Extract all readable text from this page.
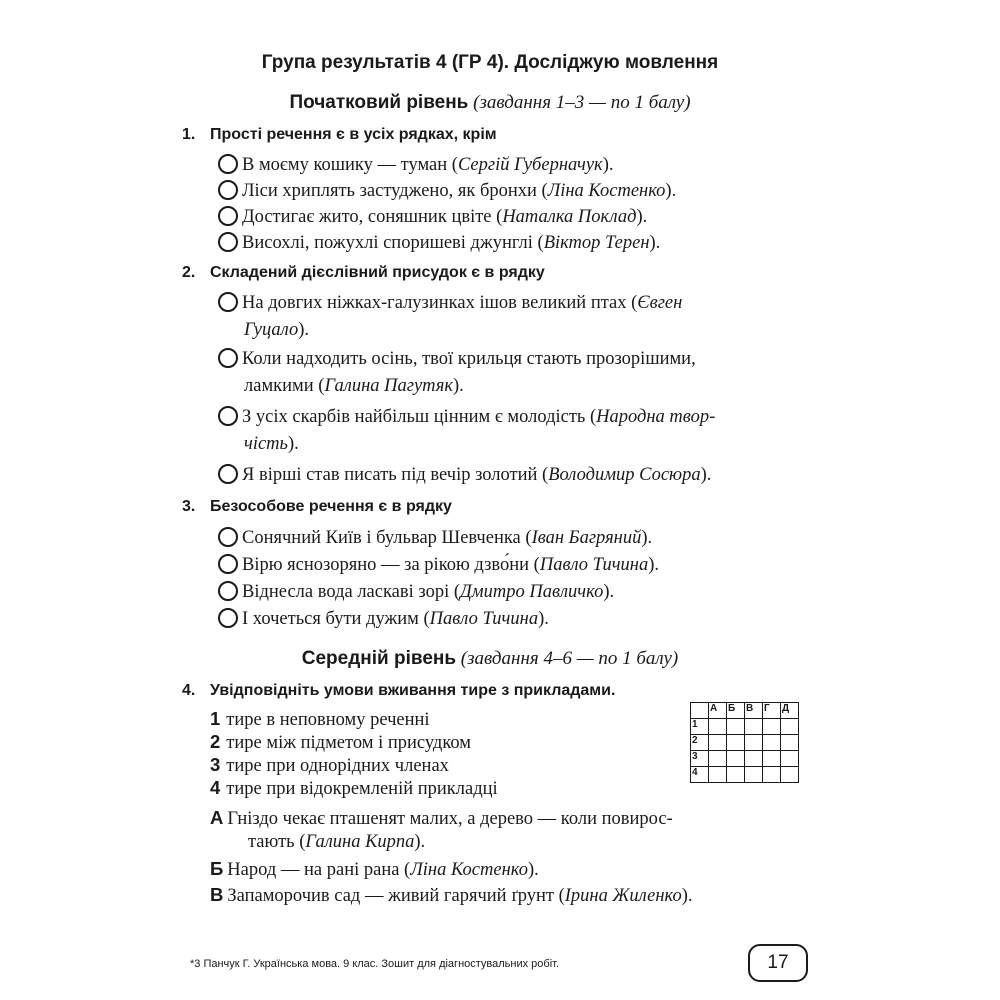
Група результатів 4 (ГР 4). Досліджую мовлення
Початковий рівень (завдання 1–3 — по 1 балу)
1. Прості речення є в усіх рядках, крім
В моєму кошику — туман (Сергій Губерначук).
Ліси хриплять застуджено, як бронхи (Ліна Костенко).
Достигає жито, соняшник цвіте (Наталка Поклад).
Висохлі, пожухлі споришеві джунглі (Віктор Терен).
2. Складений дієслівний присудок є в рядку
На довгих ніжках-галузинках ішов великий птах (Євген
Гуцало).
Коли надходить осінь, твої крильця стають прозорішими,
ламкими (Галина Пагутяк).
З усіх скарбів найбільш цінним є молодість (Народна твор-
чість).
Я вірші став писать під вечір золотий (Володимир Сосюра).
3. Безособове речення є в рядку
Сонячний Київ і бульвар Шевченка (Іван Багряний).
Вірю яснозоряно — за рікою дзво́ни (Павло Тичина).
Віднесла вода ласкаві зорі (Дмитро Павличко).
І хочеться бути дужим (Павло Тичина).
Середній рівень (завдання 4–6 — по 1 балу)
4. Увідповідніть умови вживання тире з прикладами.
1 тире в неповному реченні
2 тире між підметом і присудком
3 тире при однорідних членах
4 тире при відокремленій прикладці
	А	Б	В	Г	Д
1					
2					
3					
4					
А Гніздо чекає пташенят малих, а дерево — коли повирос-
тають (Галина Кирпа).
Б Народ — на рані рана (Ліна Костенко).
В Запаморочив сад — живий гарячий ґрунт (Ірина Жиленко).
*3 Панчук Г. Українська мова. 9 клас. Зошит для діагностувальних робіт.	17
